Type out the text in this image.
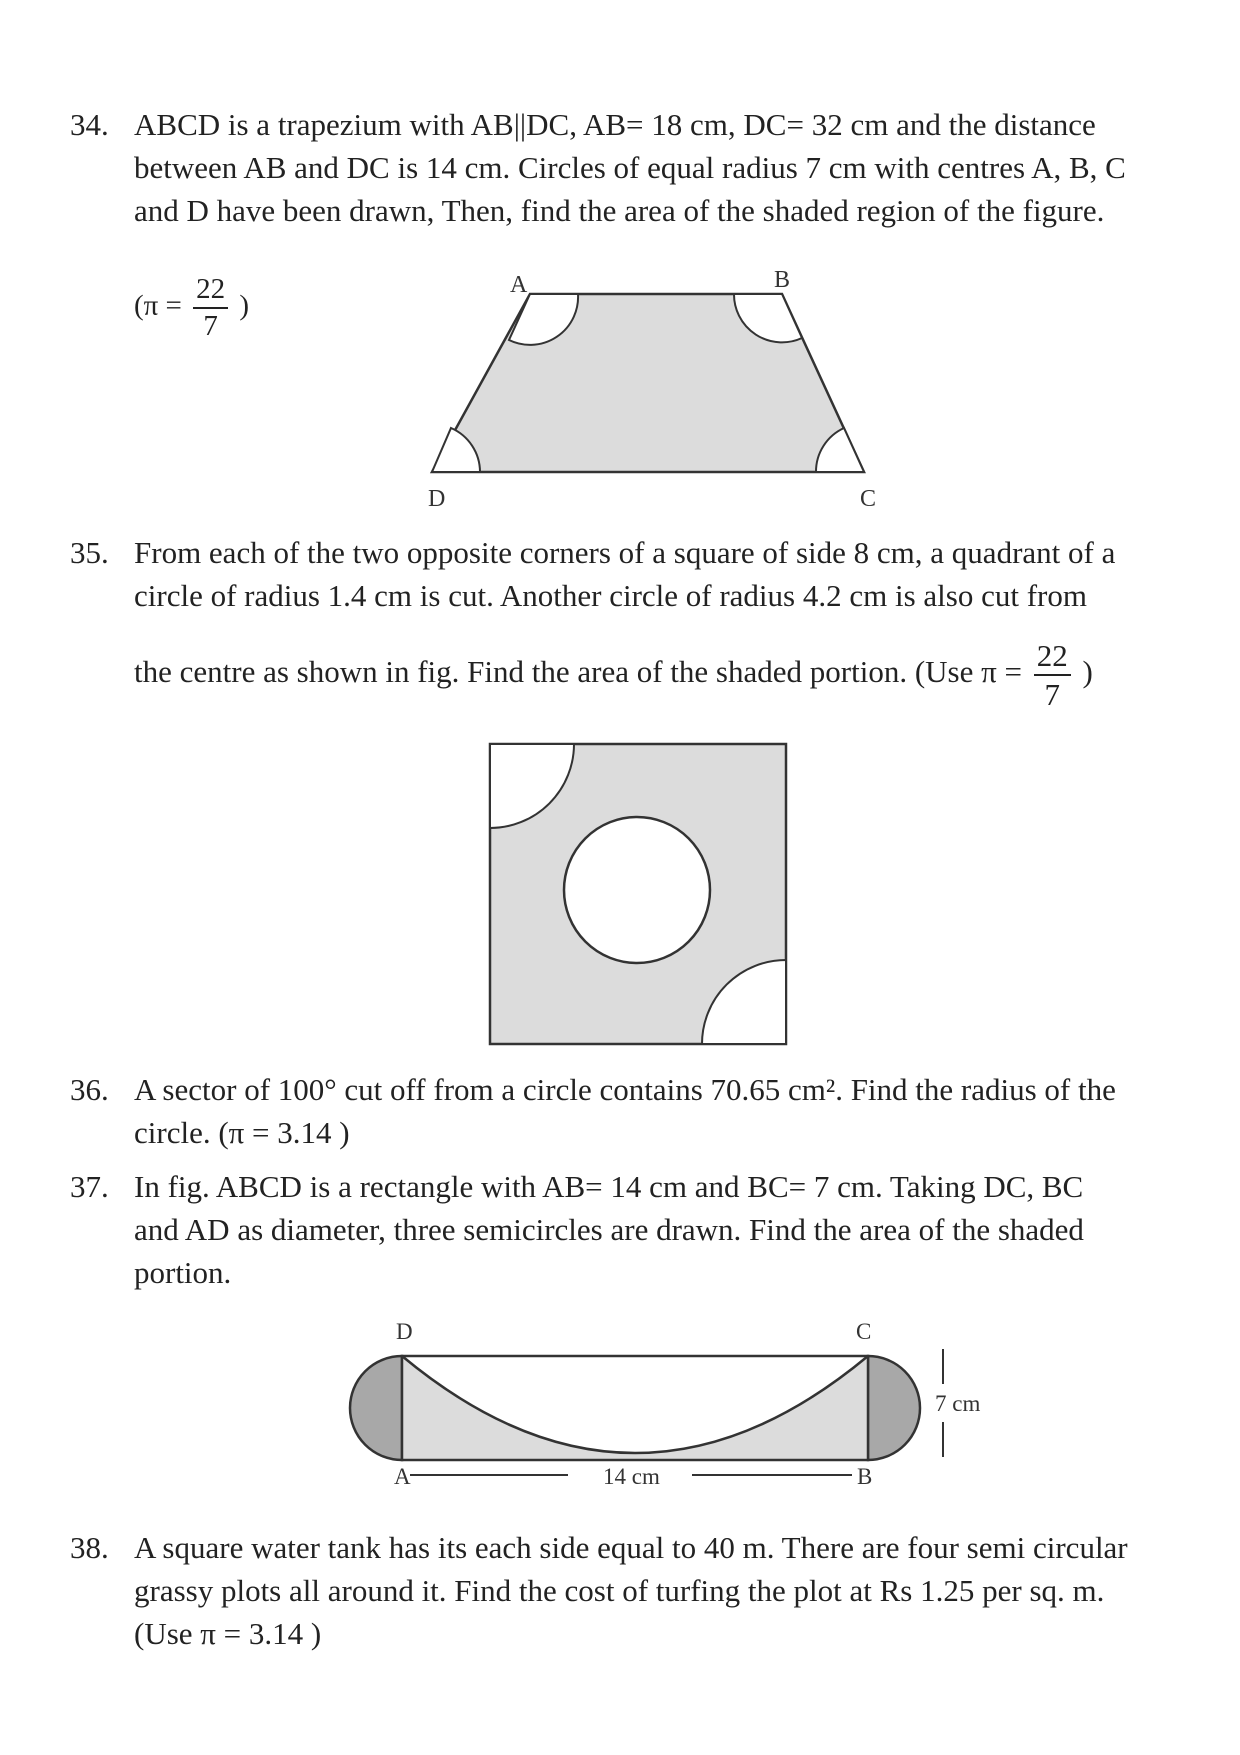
34. ABCD is a trapezium with AB||DC, AB= 18 cm, DC= 32 cm and the distance
between AB and DC is 14 cm. Circles of equal radius 7 cm with centres A, B, C
and D have been drawn, Then, find the area of the shaded region of the figure.
($\pi = \frac{22}{7}$ )
A	B
C
D
35. From each of the two opposite corners of a square of side 8 cm, a quadrant of a
circle of radius 1.4 cm is cut. Another circle of radius 4.2 cm is also cut from
the centre as shown in fig. Find the area of the shaded portion. (Use $\pi = \frac{22}{7}$ )
36. A sector of 100° cut off from a circle contains 70.65 cm². Find the radius of the
circle. (π = 3.14 )
37. In fig. ABCD is a rectangle with AB= 14 cm and BC= 7 cm. Taking DC, BC
and AD as diameter, three semicircles are drawn. Find the area of the shaded
portion.
D	C
A	B
14 cm
7 cm
38. A square water tank has its each side equal to 40 m. There are four semi circular
grassy plots all around it. Find the cost of turfing the plot at Rs 1.25 per sq. m.
(Use π = 3.14 )
